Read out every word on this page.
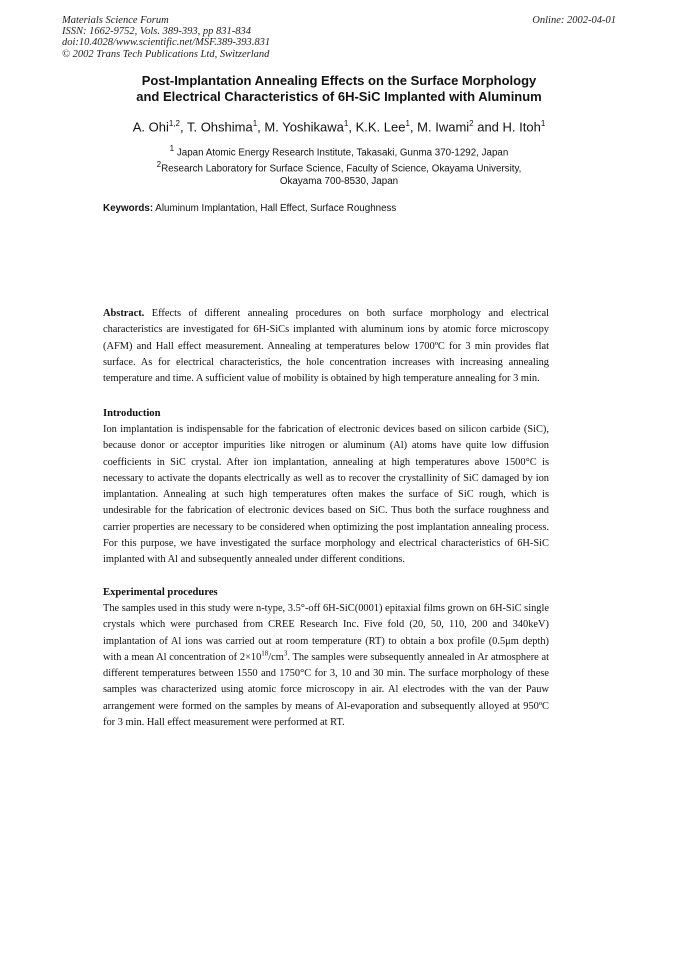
Materials Science Forum
ISSN: 1662-9752, Vols. 389-393, pp 831-834
doi:10.4028/www.scientific.net/MSF.389-393.831
© 2002 Trans Tech Publications Ltd, Switzerland
Online: 2002-04-01
Post-Implantation Annealing Effects on the Surface Morphology
and Electrical Characteristics of 6H-SiC Implanted with Aluminum
A. Ohi$^{1,2}$, T. Ohshima$^1$, M. Yoshikawa$^1$, K.K. Lee$^1$, M. Iwami$^2$ and H. Itoh$^1$
$^1$ Japan Atomic Energy Research Institute, Takasaki, Gunma 370-1292, Japan
$^2$Research Laboratory for Surface Science, Faculty of Science, Okayama University,
Okayama 700-8530, Japan
Keywords: Aluminum Implantation, Hall Effect, Surface Roughness

Abstract. Effects of different annealing procedures on both surface morphology and electrical characteristics are investigated for 6H-SiCs implanted with aluminum ions by atomic force microscopy (AFM) and Hall effect measurement. Annealing at temperatures below 1700ºC for 3 min provides flat surface. As for electrical characteristics, the hole concentration increases with increasing annealing temperature and time. A sufficient value of mobility is obtained by high temperature annealing for 3 min.

Introduction

Ion implantation is indispensable for the fabrication of electronic devices based on silicon carbide (SiC), because donor or acceptor impurities like nitrogen or aluminum (Al) atoms have quite low diffusion coefficients in SiC crystal. After ion implantation, annealing at high temperatures above 1500°C is necessary to activate the dopants electrically as well as to recover the crystallinity of SiC damaged by ion implantation. Annealing at such high temperatures often makes the surface of SiC rough, which is undesirable for the fabrication of electronic devices based on SiC. Thus both the surface roughness and carrier properties are necessary to be considered when optimizing the post implantation annealing process. For this purpose, we have investigated the surface morphology and electrical characteristics of 6H-SiC implanted with Al and subsequently annealed under different conditions.

Experimental procedures

The samples used in this study were n-type, 3.5°-off 6H-SiC(0001) epitaxial films grown on 6H-SiC single crystals which were purchased from CREE Research Inc. Five fold (20, 50, 110, 200 and 340keV) implantation of Al ions was carried out at room temperature (RT) to obtain a box profile (0.5μm depth) with a mean Al concentration of $2\times 10^{18}/cm^3$. The samples were subsequently annealed in Ar atmosphere at different temperatures between 1550 and 1750°C for 3, 10 and 30 min. The surface morphology of these samples was characterized using atomic force microscopy in air. Al electrodes with the van der Pauw arrangement were formed on the samples by means of Al-evaporation and subsequently alloyed at 950ºC for 3 min. Hall effect measurement were performed at RT.
